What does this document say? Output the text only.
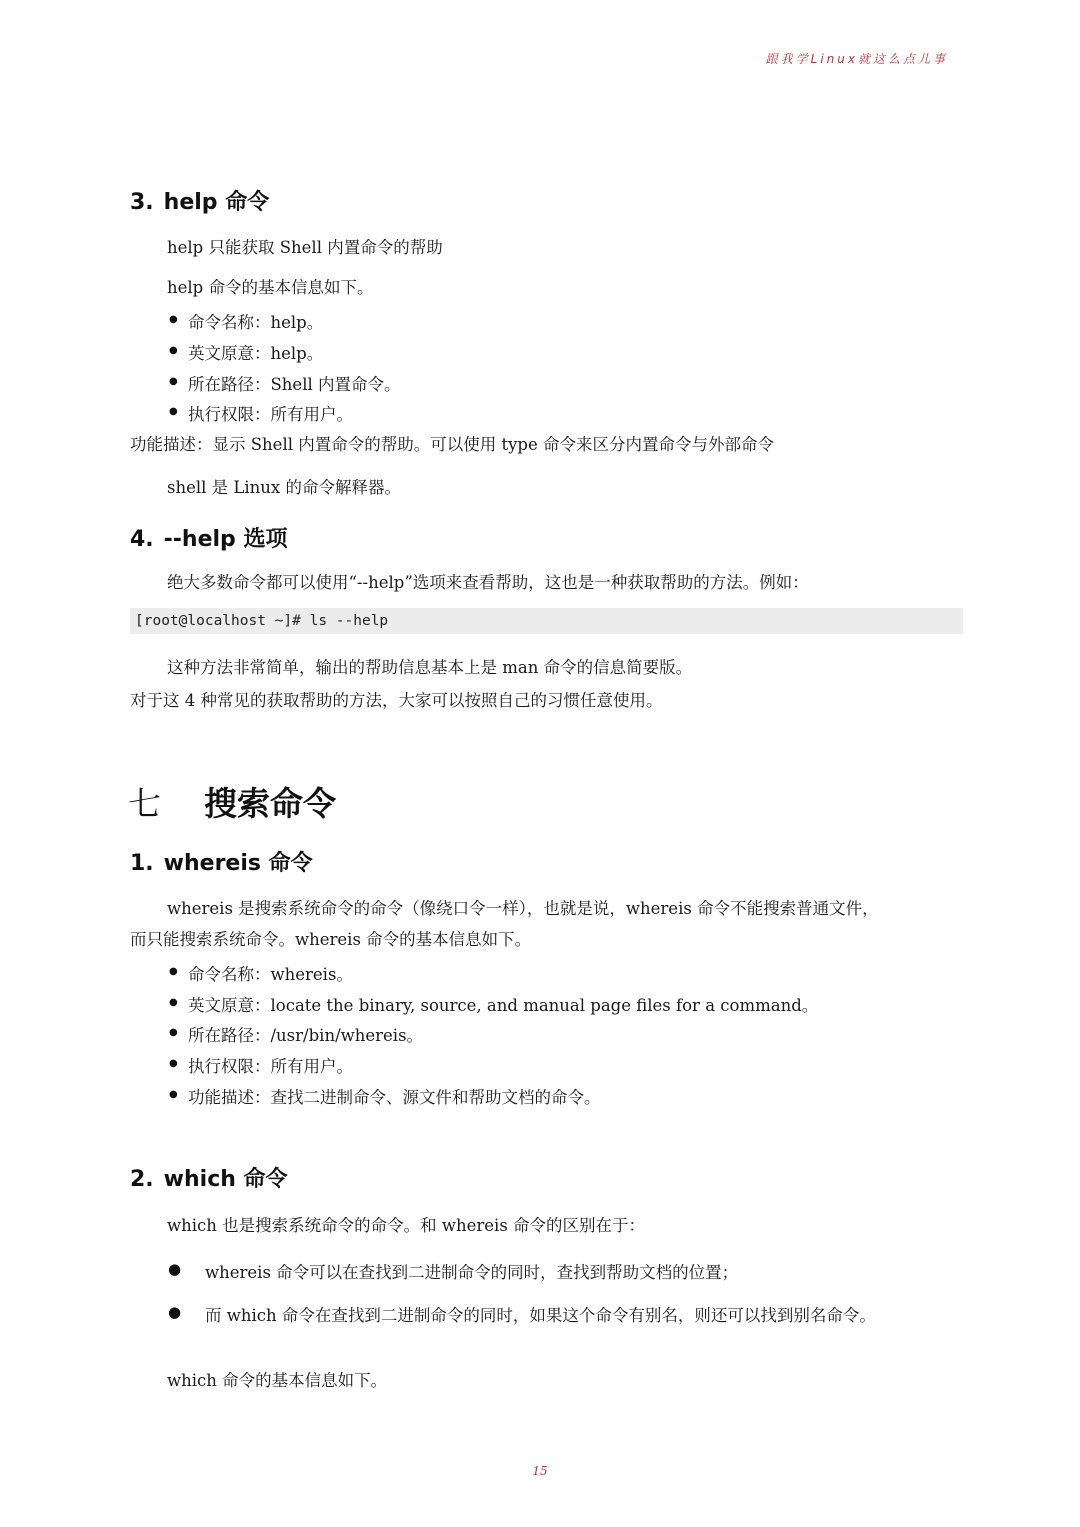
跟我学Linux就这么点儿事
3. help 命令
help 只能获取 Shell 内置命令的帮助
help 命令的基本信息如下。
● 命令名称：help。
● 英文原意：help。
● 所在路径：Shell 内置命令。
● 执行权限：所有用户。
功能描述：显示 Shell 内置命令的帮助。可以使用 type 命令来区分内置命令与外部命令
shell 是 Linux 的命令解释器。
4. --help 选项
绝大多数命令都可以使用“--help”选项来查看帮助，这也是一种获取帮助的方法。例如：
[root@localhost ~]# ls --help
这种方法非常简单，输出的帮助信息基本上是 man 命令的信息简要版。
对于这 4 种常见的获取帮助的方法，大家可以按照自己的习惯任意使用。
七 搜索命令
1. whereis 命令
whereis 是搜索系统命令的命令（像绕口令一样），也就是说，whereis 命令不能搜索普通文件，
而只能搜索系统命令。whereis 命令的基本信息如下。
● 命令名称：whereis。
● 英文原意：locate the binary, source, and manual page files for a command。
● 所在路径：/usr/bin/whereis。
● 执行权限：所有用户。
● 功能描述：查找二进制命令、源文件和帮助文档的命令。
2. which 命令
which 也是搜索系统命令的命令。和 whereis 命令的区别在于：
● whereis 命令可以在查找到二进制命令的同时，查找到帮助文档的位置；
● 而 which 命令在查找到二进制命令的同时，如果这个命令有别名，则还可以找到别名命令。
which 命令的基本信息如下。
15
